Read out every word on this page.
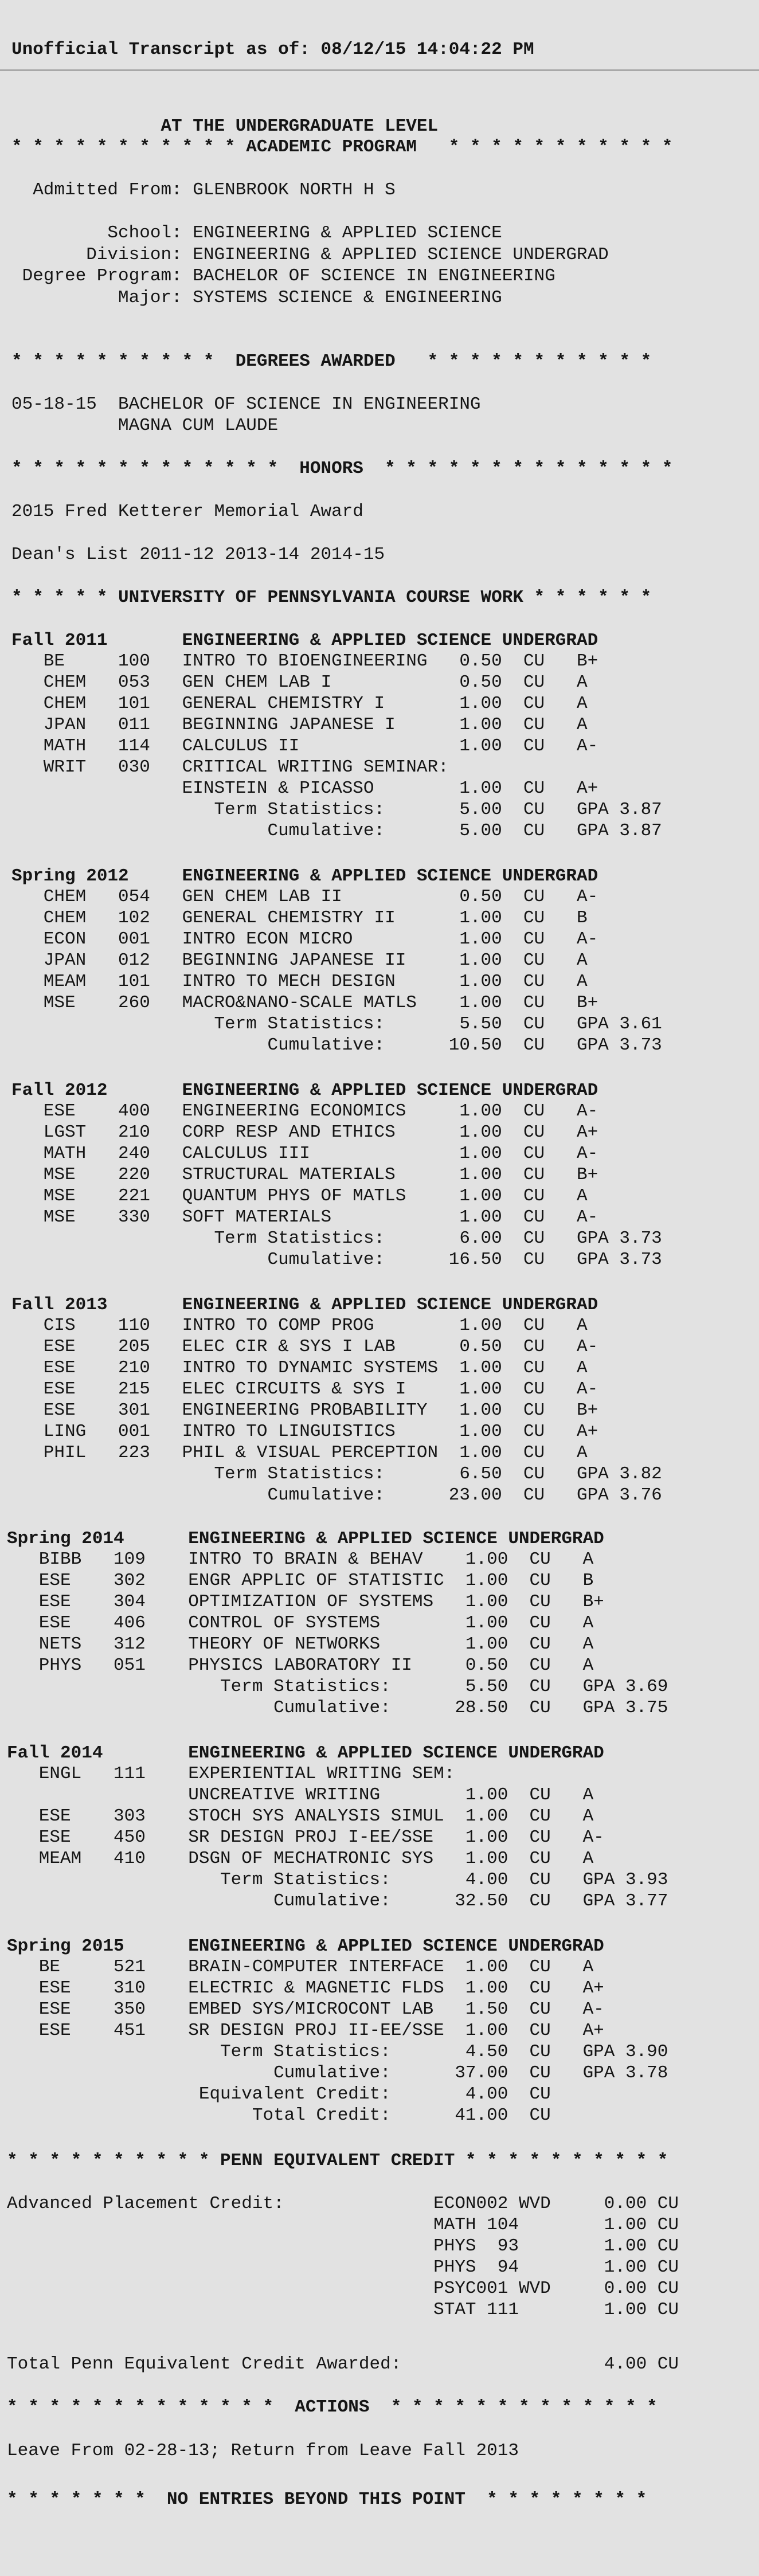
Unofficial Transcript as of: 08/12/15 14:04:22 PM
AT THE UNDERGRADUATE LEVEL
* * * * * * * * * * * ACADEMIC PROGRAM   * * * * * * * * * * *
Admitted From: GLENBROOK NORTH H S
School: ENGINEERING & APPLIED SCIENCE
Division: ENGINEERING & APPLIED SCIENCE UNDERGRAD
Degree Program: BACHELOR OF SCIENCE IN ENGINEERING
Major: SYSTEMS SCIENCE & ENGINEERING
* * * * * * * * * *  DEGREES AWARDED   * * * * * * * * * * *
05-18-15  BACHELOR OF SCIENCE IN ENGINEERING
MAGNA CUM LAUDE
* * * * * * * * * * * * *  HONORS  * * * * * * * * * * * * * *
2015 Fred Ketterer Memorial Award
Dean's List 2011-12 2013-14 2014-15
* * * * * UNIVERSITY OF PENNSYLVANIA COURSE WORK * * * * * *
Fall 2011       ENGINEERING & APPLIED SCIENCE UNDERGRAD
BE     100   INTRO TO BIOENGINEERING   0.50  CU   B+
CHEM   053   GEN CHEM LAB I            0.50  CU   A
CHEM   101   GENERAL CHEMISTRY I       1.00  CU   A
JPAN   011   BEGINNING JAPANESE I      1.00  CU   A
MATH   114   CALCULUS II               1.00  CU   A-
WRIT   030   CRITICAL WRITING SEMINAR:
EINSTEIN & PICASSO        1.00  CU   A+
Term Statistics:       5.00  CU   GPA 3.87
Cumulative:       5.00  CU   GPA 3.87
Spring 2012     ENGINEERING & APPLIED SCIENCE UNDERGRAD
CHEM   054   GEN CHEM LAB II           0.50  CU   A-
CHEM   102   GENERAL CHEMISTRY II      1.00  CU   B
ECON   001   INTRO ECON MICRO          1.00  CU   A-
JPAN   012   BEGINNING JAPANESE II     1.00  CU   A
MEAM   101   INTRO TO MECH DESIGN      1.00  CU   A
MSE    260   MACRO&NANO-SCALE MATLS    1.00  CU   B+
Term Statistics:       5.50  CU   GPA 3.61
Cumulative:      10.50  CU   GPA 3.73
Fall 2012       ENGINEERING & APPLIED SCIENCE UNDERGRAD
ESE    400   ENGINEERING ECONOMICS     1.00  CU   A-
LGST   210   CORP RESP AND ETHICS      1.00  CU   A+
MATH   240   CALCULUS III              1.00  CU   A-
MSE    220   STRUCTURAL MATERIALS      1.00  CU   B+
MSE    221   QUANTUM PHYS OF MATLS     1.00  CU   A
MSE    330   SOFT MATERIALS            1.00  CU   A-
Term Statistics:       6.00  CU   GPA 3.73
Cumulative:      16.50  CU   GPA 3.73
Fall 2013       ENGINEERING & APPLIED SCIENCE UNDERGRAD
CIS    110   INTRO TO COMP PROG        1.00  CU   A
ESE    205   ELEC CIR & SYS I LAB      0.50  CU   A-
ESE    210   INTRO TO DYNAMIC SYSTEMS  1.00  CU   A
ESE    215   ELEC CIRCUITS & SYS I     1.00  CU   A-
ESE    301   ENGINEERING PROBABILITY   1.00  CU   B+
LING   001   INTRO TO LINGUISTICS      1.00  CU   A+
PHIL   223   PHIL & VISUAL PERCEPTION  1.00  CU   A
Term Statistics:       6.50  CU   GPA 3.82
Cumulative:      23.00  CU   GPA 3.76
Spring 2014      ENGINEERING & APPLIED SCIENCE UNDERGRAD
BIBB   109    INTRO TO BRAIN & BEHAV    1.00  CU   A
ESE    302    ENGR APPLIC OF STATISTIC  1.00  CU   B
ESE    304    OPTIMIZATION OF SYSTEMS   1.00  CU   B+
ESE    406    CONTROL OF SYSTEMS        1.00  CU   A
NETS   312    THEORY OF NETWORKS        1.00  CU   A
PHYS   051    PHYSICS LABORATORY II     0.50  CU   A
Term Statistics:       5.50  CU   GPA 3.69
Cumulative:      28.50  CU   GPA 3.75
Fall 2014        ENGINEERING & APPLIED SCIENCE UNDERGRAD
ENGL   111    EXPERIENTIAL WRITING SEM:
UNCREATIVE WRITING        1.00  CU   A
ESE    303    STOCH SYS ANALYSIS SIMUL  1.00  CU   A
ESE    450    SR DESIGN PROJ I-EE/SSE   1.00  CU   A-
MEAM   410    DSGN OF MECHATRONIC SYS   1.00  CU   A
Term Statistics:       4.00  CU   GPA 3.93
Cumulative:      32.50  CU   GPA 3.77
Spring 2015      ENGINEERING & APPLIED SCIENCE UNDERGRAD
BE     521    BRAIN-COMPUTER INTERFACE  1.00  CU   A
ESE    310    ELECTRIC & MAGNETIC FLDS  1.00  CU   A+
ESE    350    EMBED SYS/MICROCONT LAB   1.50  CU   A-
ESE    451    SR DESIGN PROJ II-EE/SSE  1.00  CU   A+
Term Statistics:       4.50  CU   GPA 3.90
Cumulative:      37.00  CU   GPA 3.78
Equivalent Credit:       4.00  CU
Total Credit:      41.00  CU
* * * * * * * * * * PENN EQUIVALENT CREDIT * * * * * * * * * *
Advanced Placement Credit:              ECON002 WVD     0.00 CU
MATH 104        1.00 CU
PHYS  93        1.00 CU
PHYS  94        1.00 CU
PSYC001 WVD     0.00 CU
STAT 111        1.00 CU
Total Penn Equivalent Credit Awarded:                   4.00 CU
* * * * * * * * * * * * *  ACTIONS  * * * * * * * * * * * * *
Leave From 02-28-13; Return from Leave Fall 2013
* * * * * * *  NO ENTRIES BEYOND THIS POINT  * * * * * * * *
